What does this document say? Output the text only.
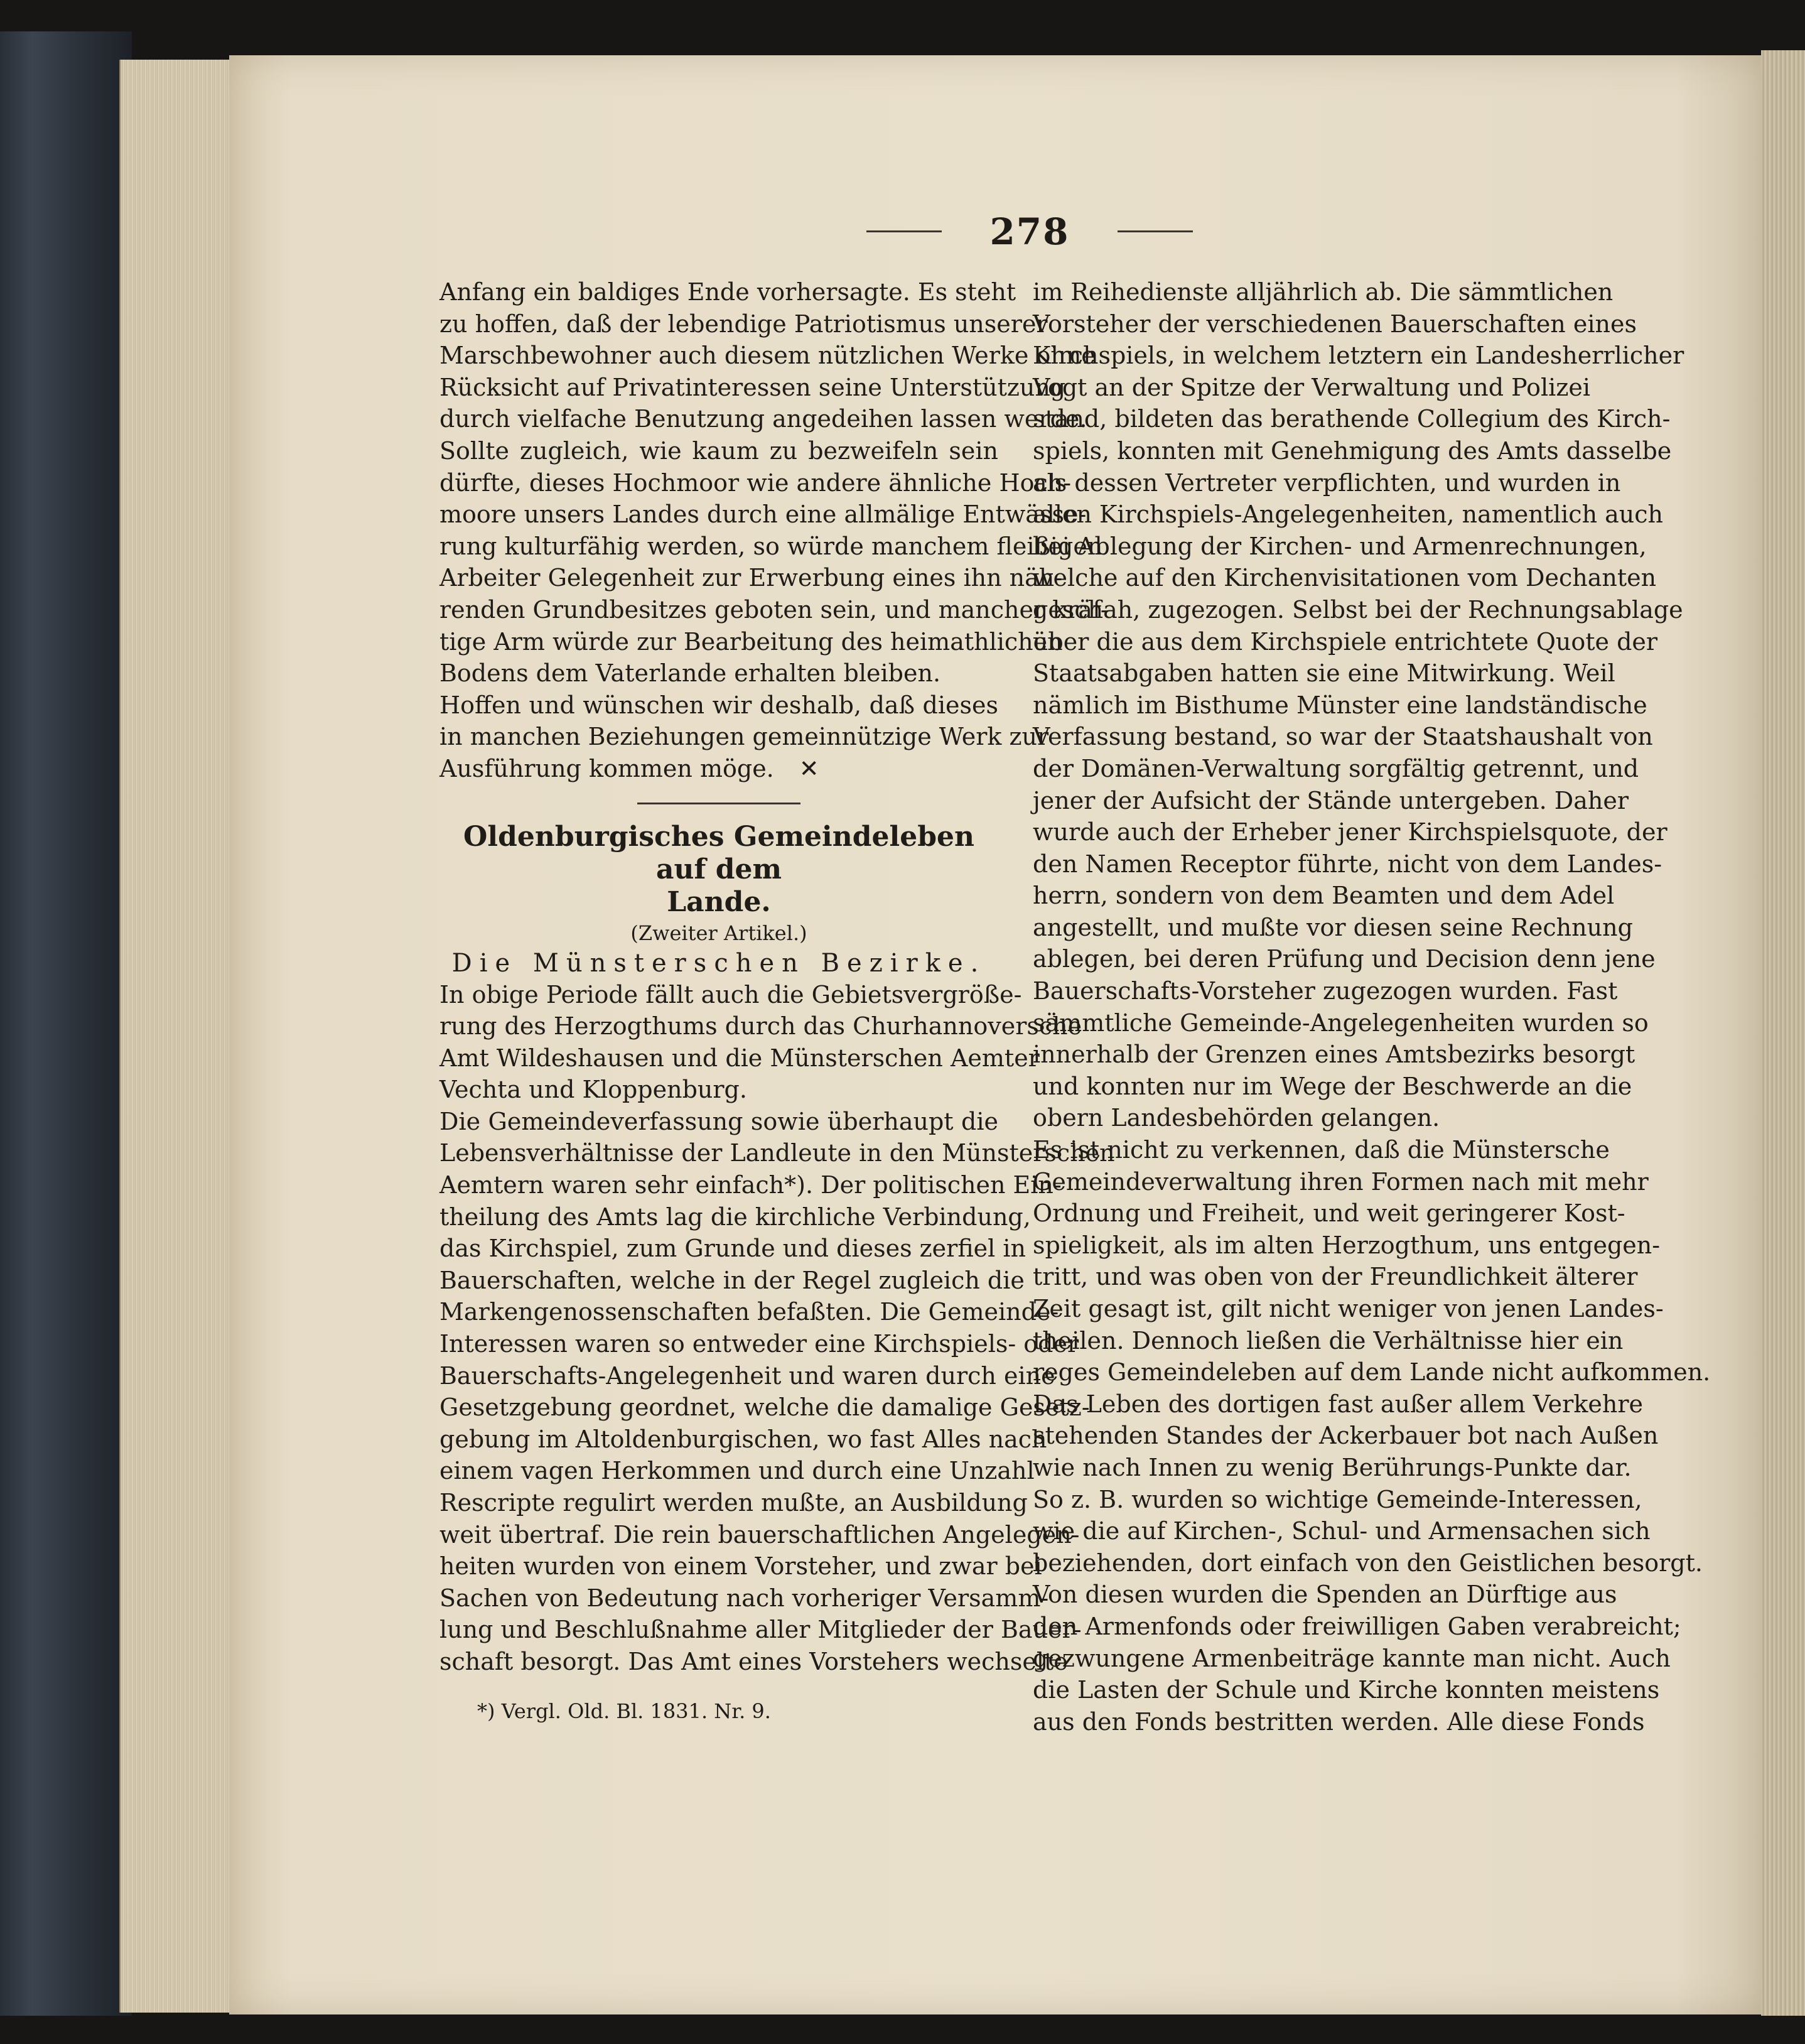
278
Anfang ein baldiges Ende vorhersagte. Es steht
zu hoffen, daß der lebendige Patriotismus unserer
Marschbewohner auch diesem nützlichen Werke ohne
Rücksicht auf Privatinteressen seine Unterstützung
durch vielfache Benutzung angedeihen lassen werde.
Sollte zugleich, wie kaum zu bezweifeln sein
dürfte, dieses Hochmoor wie andere ähnliche Hoch-
moore unsers Landes durch eine allmälige Entwässe-
rung kulturfähig werden, so würde manchem fleißigen
Arbeiter Gelegenheit zur Erwerbung eines ihn näh-
renden Grundbesitzes geboten sein, und mancher kräf-
tige Arm würde zur Bearbeitung des heimathlichen
Bodens dem Vaterlande erhalten bleiben.
Hoffen und wünschen wir deshalb, daß dieses
in manchen Beziehungen gemeinnützige Werk zur
Ausführung kommen möge. ✕
Oldenburgisches Gemeindeleben auf dem
Lande.
(Zweiter Artikel.)
Die Münsterschen Bezirke.
In obige Periode fällt auch die Gebietsvergröße-
rung des Herzogthums durch das Churhannoversche
Amt Wildeshausen und die Münsterschen Aemter
Vechta und Kloppenburg.
Die Gemeindeverfassung sowie überhaupt die
Lebensverhältnisse der Landleute in den Münsterschen
Aemtern waren sehr einfach*). Der politischen Ein-
theilung des Amts lag die kirchliche Verbindung,
das Kirchspiel, zum Grunde und dieses zerfiel in
Bauerschaften, welche in der Regel zugleich die
Markengenossenschaften befaßten. Die Gemeinde-
Interessen waren so entweder eine Kirchspiels- oder
Bauerschafts-Angelegenheit und waren durch eine
Gesetzgebung geordnet, welche die damalige Gesetz-
gebung im Altoldenburgischen, wo fast Alles nach
einem vagen Herkommen und durch eine Unzahl
Rescripte regulirt werden mußte, an Ausbildung
weit übertraf. Die rein bauerschaftlichen Angelegen-
heiten wurden von einem Vorsteher, und zwar bei
Sachen von Bedeutung nach vorheriger Versamm-
lung und Beschlußnahme aller Mitglieder der Bauer-
schaft besorgt. Das Amt eines Vorstehers wechselte
*) Vergl. Old. Bl. 1831. Nr. 9.
im Reihedienste alljährlich ab. Die sämmtlichen
Vorsteher der verschiedenen Bauerschaften eines
Kirchspiels, in welchem letztern ein Landesherrlicher
Vogt an der Spitze der Verwaltung und Polizei
stand, bildeten das berathende Collegium des Kirch-
spiels, konnten mit Genehmigung des Amts dasselbe
als dessen Vertreter verpflichten, und wurden in
allen Kirchspiels-Angelegenheiten, namentlich auch
bei Ablegung der Kirchen- und Armenrechnungen,
welche auf den Kirchenvisitationen vom Dechanten
geschah, zugezogen. Selbst bei der Rechnungsablage
über die aus dem Kirchspiele entrichtete Quote der
Staatsabgaben hatten sie eine Mitwirkung. Weil
nämlich im Bisthume Münster eine landständische
Verfassung bestand, so war der Staatshaushalt von
der Domänen-Verwaltung sorgfältig getrennt, und
jener der Aufsicht der Stände untergeben. Daher
wurde auch der Erheber jener Kirchspielsquote, der
den Namen Receptor führte, nicht von dem Landes-
herrn, sondern von dem Beamten und dem Adel
angestellt, und mußte vor diesen seine Rechnung
ablegen, bei deren Prüfung und Decision denn jene
Bauerschafts-Vorsteher zugezogen wurden. Fast
sämmtliche Gemeinde-Angelegenheiten wurden so
innerhalb der Grenzen eines Amtsbezirks besorgt
und konnten nur im Wege der Beschwerde an die
obern Landesbehörden gelangen.
Es ist nicht zu verkennen, daß die Münstersche
Gemeindeverwaltung ihren Formen nach mit mehr
Ordnung und Freiheit, und weit geringerer Kost-
spieligkeit, als im alten Herzogthum, uns entgegen-
tritt, und was oben von der Freundlichkeit älterer
Zeit gesagt ist, gilt nicht weniger von jenen Landes-
theilen. Dennoch ließen die Verhältnisse hier ein
reges Gemeindeleben auf dem Lande nicht aufkommen.
Das Leben des dortigen fast außer allem Verkehre
stehenden Standes der Ackerbauer bot nach Außen
wie nach Innen zu wenig Berührungs-Punkte dar.
So z. B. wurden so wichtige Gemeinde-Interessen,
wie die auf Kirchen-, Schul- und Armensachen sich
beziehenden, dort einfach von den Geistlichen besorgt.
Von diesen wurden die Spenden an Dürftige aus
den Armenfonds oder freiwilligen Gaben verabreicht;
gezwungene Armenbeiträge kannte man nicht. Auch
die Lasten der Schule und Kirche konnten meistens
aus den Fonds bestritten werden. Alle diese Fonds
